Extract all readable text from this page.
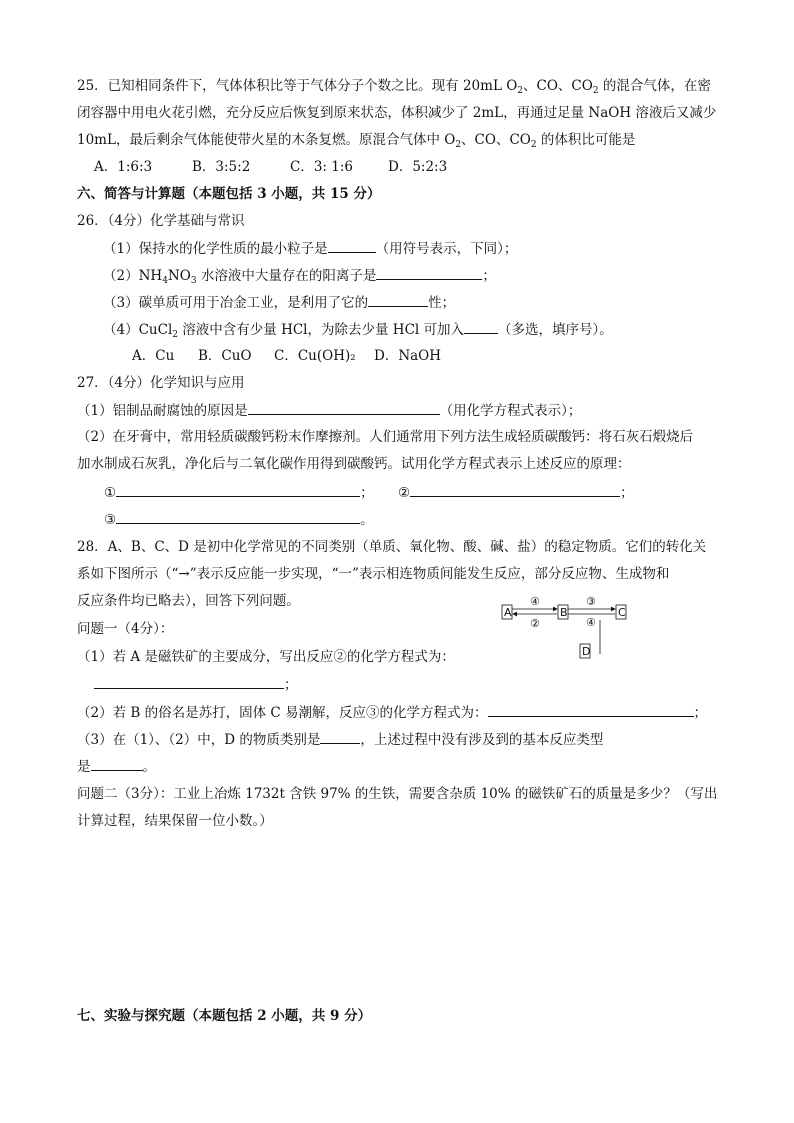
25．已知相同条件下，气体体积比等于气体分子个数之比。现有 20mL $O_2$、CO、$CO_2$ 的混合气体，在密
闭容器中用电火花引燃，充分反应后恢复到原来状态，体积减少了 2mL，再通过足量 NaOH 溶液后又减少
10mL，最后剩余气体能使带火星的木条复燃。原混合气体中 $O_2$、CO、$CO_2$ 的体积比可能是
A．1:6:3	B．3:5:2	C．3: 1:6	D．5:2:3
六、简答与计算题（本题包括 3 小题，共 15 分）
26．（4分）化学基础与常识
（1）保持水的化学性质的最小粒子是	（用符号表示，下同）；
$(2)NH_4NO_3$ 水溶液中大量存在的阳离子是	；
（3）碳单质可用于冶金工业，是利用了它的	性；
（4）CuCl$_2$ 溶液中含有少量 HCl，为除去少量 HCl 可加入	（多选，填序号）。
A．Cu B．CuO C．Cu(OH)₂ D．NaOH
27．（4分）化学知识与应用
（1）铝制品耐腐蚀的原因是	（用化学方程式表示）；
（2）在牙膏中，常用轻质碳酸钙粉末作摩擦剂。人们通常用下列方法生成轻质碳酸钙：将石灰石煅烧后
加水制成石灰乳，净化后与二氧化碳作用得到碳酸钙。试用化学方程式表示上述反应的原理：
①	； ②	；
③	。
28．A、B、C、D 是初中化学常见的不同类别（单质、氧化物、酸、碱、盐）的稳定物质。它们的转化关
系如下图所示（“→”表示反应能一步实现，“一”表示相连物质间能发生反应，部分反应物、生成物和
反应条件均已略去），回答下列问题。
问题一（4分）：
A	B	C
④
②
③
④
D
（1）若 A 是磁铁矿的主要成分，写出反应②的化学方程式为：
；
（2）若 B 的俗名是苏打，固体 C 易潮解，反应③的化学方程式为：	；
（3）在（1）、（2）中，D 的物质类别是	，上述过程中没有涉及到的基本反应类型
是	。
问题二（3分）：工业上冶炼 1732t 含铁 97% 的生铁，需要含杂质 10% 的磁铁矿石的质量是多少？（写出
计算过程，结果保留一位小数。）
七、实验与探究题（本题包括 2 小题，共 9 分）
